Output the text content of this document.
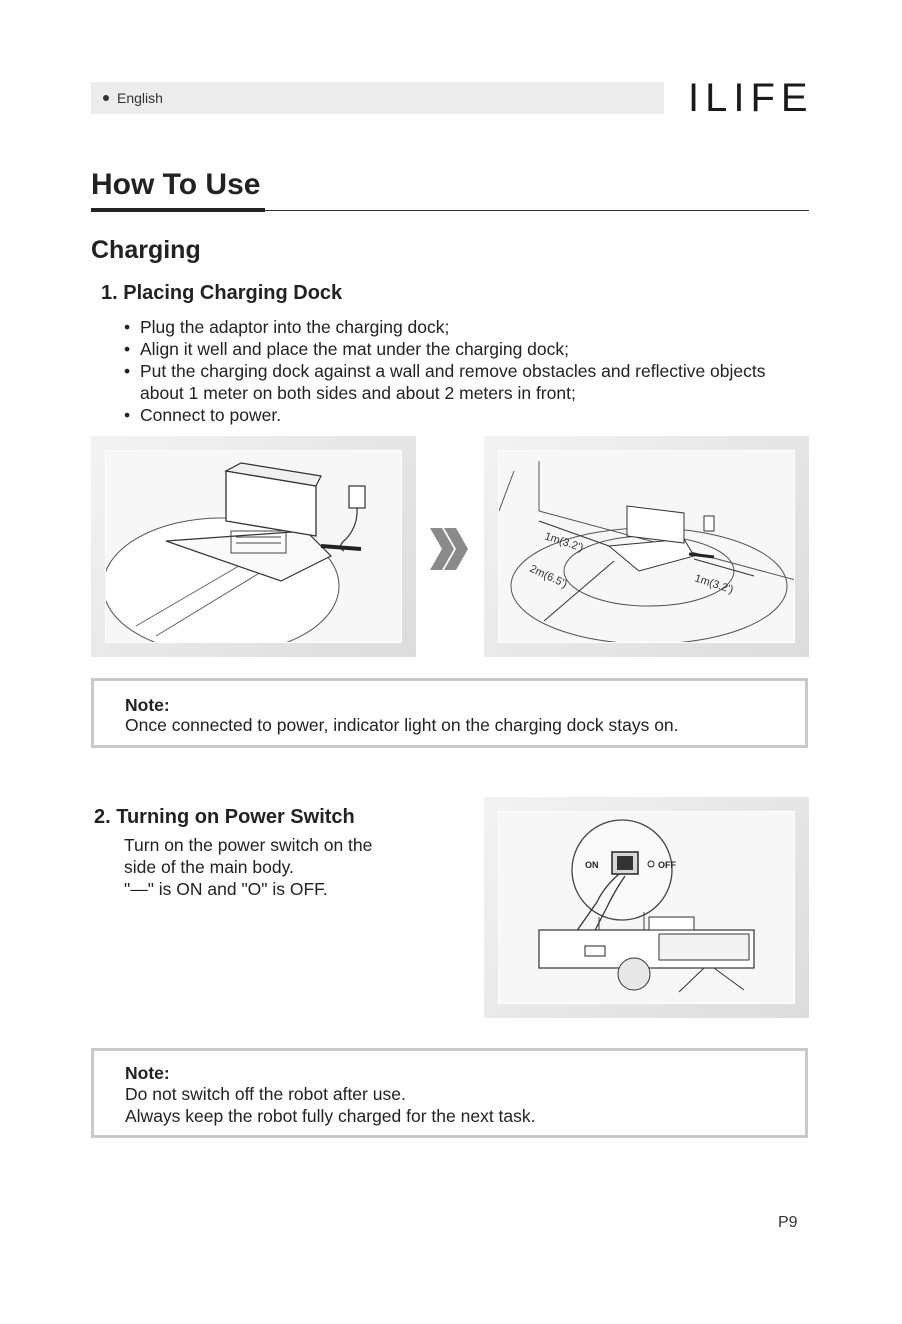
English	ILIFE
How To Use
Charging
1. Placing Charging Dock
• Plug the adaptor into the charging dock;
• Align it well and place the mat under the charging dock;
• Put the charging dock against a wall and remove obstacles and reflective objects about 1 meter on both sides and about 2 meters in front;
• Connect to power.
1m(3.2')
2m(6.5')	1m(3.2')
Note:
Once connected to power, indicator light on the charging dock stays on.
2. Turning on Power Switch
Turn on the power switch on the
side of the main body.
"—" is ON and "O" is OFF.
ON	OFF
Note:
Do not switch off the robot after use.
Always keep the robot fully charged for the next task.
P9
